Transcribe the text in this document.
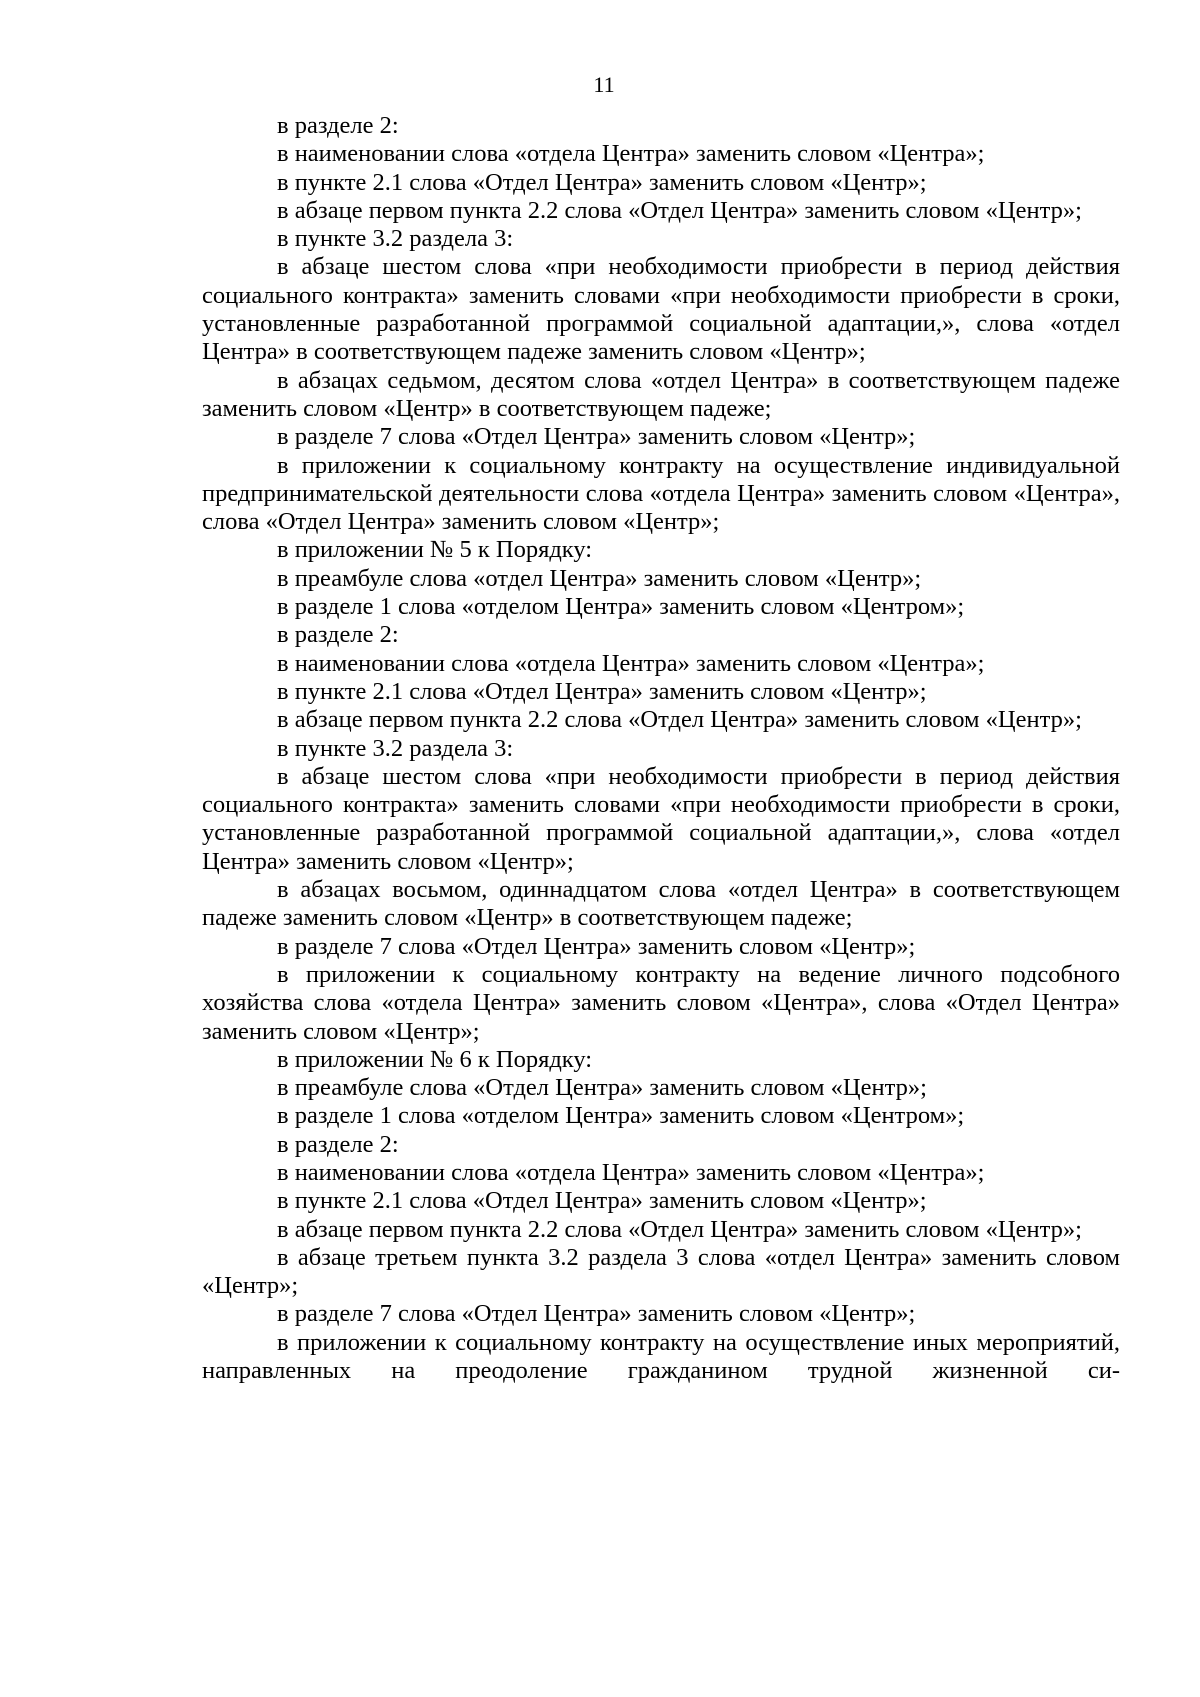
11

в разделе 2:

в наименовании слова «отдела Центра» заменить словом «Центра»;

в пункте 2.1 слова «Отдел Центра» заменить словом «Центр»;

в абзаце первом пункта 2.2 слова «Отдел Центра» заменить словом «Центр»;

в пункте 3.2 раздела 3:

в абзаце шестом слова «при необходимости приобрести в период действия социального контракта» заменить словами «при необходимости приобрести в сроки, установленные разработанной программой социальной адаптации,», слова «отдел Центра» в соответствующем падеже заменить словом «Центр»;

в абзацах седьмом, десятом слова «отдел Центра» в соответствующем падеже заменить словом «Центр» в соответствующем падеже;

в разделе 7 слова «Отдел Центра» заменить словом «Центр»;

в приложении к социальному контракту на осуществление индивидуальной предпринимательской деятельности слова «отдела Центра» заменить словом «Центра», слова «Отдел Центра» заменить словом «Центр»;

в приложении № 5 к Порядку:

в преамбуле слова «отдел Центра» заменить словом «Центр»;

в разделе 1 слова «отделом Центра» заменить словом «Центром»;

в разделе 2:

в наименовании слова «отдела Центра» заменить словом «Центра»;

в пункте 2.1 слова «Отдел Центра» заменить словом «Центр»;

в абзаце первом пункта 2.2 слова «Отдел Центра» заменить словом «Центр»;

в пункте 3.2 раздела 3:

в абзаце шестом слова «при необходимости приобрести в период действия социального контракта» заменить словами «при необходимости приобрести в сроки, установленные разработанной программой социальной адаптации,», слова «отдел Центра» заменить словом «Центр»;

в абзацах восьмом, одиннадцатом слова «отдел Центра» в соответствующем падеже заменить словом «Центр» в соответствующем падеже;

в разделе 7 слова «Отдел Центра» заменить словом «Центр»;

в приложении к социальному контракту на ведение личного подсобного хозяйства слова «отдела Центра» заменить словом «Центра», слова «Отдел Центра» заменить словом «Центр»;

в приложении № 6 к Порядку:

в преамбуле слова «Отдел Центра» заменить словом «Центр»;

в разделе 1 слова «отделом Центра» заменить словом «Центром»;

в разделе 2:

в наименовании слова «отдела Центра» заменить словом «Центра»;

в пункте 2.1 слова «Отдел Центра» заменить словом «Центр»;

в абзаце первом пункта 2.2 слова «Отдел Центра» заменить словом «Центр»;

в абзаце третьем пункта 3.2 раздела 3 слова «отдел Центра» заменить словом «Центр»;

в разделе 7 слова «Отдел Центра» заменить словом «Центр»;

в приложении к социальному контракту на осуществление иных мероприятий, направленных на преодоление гражданином трудной жизненной си-
